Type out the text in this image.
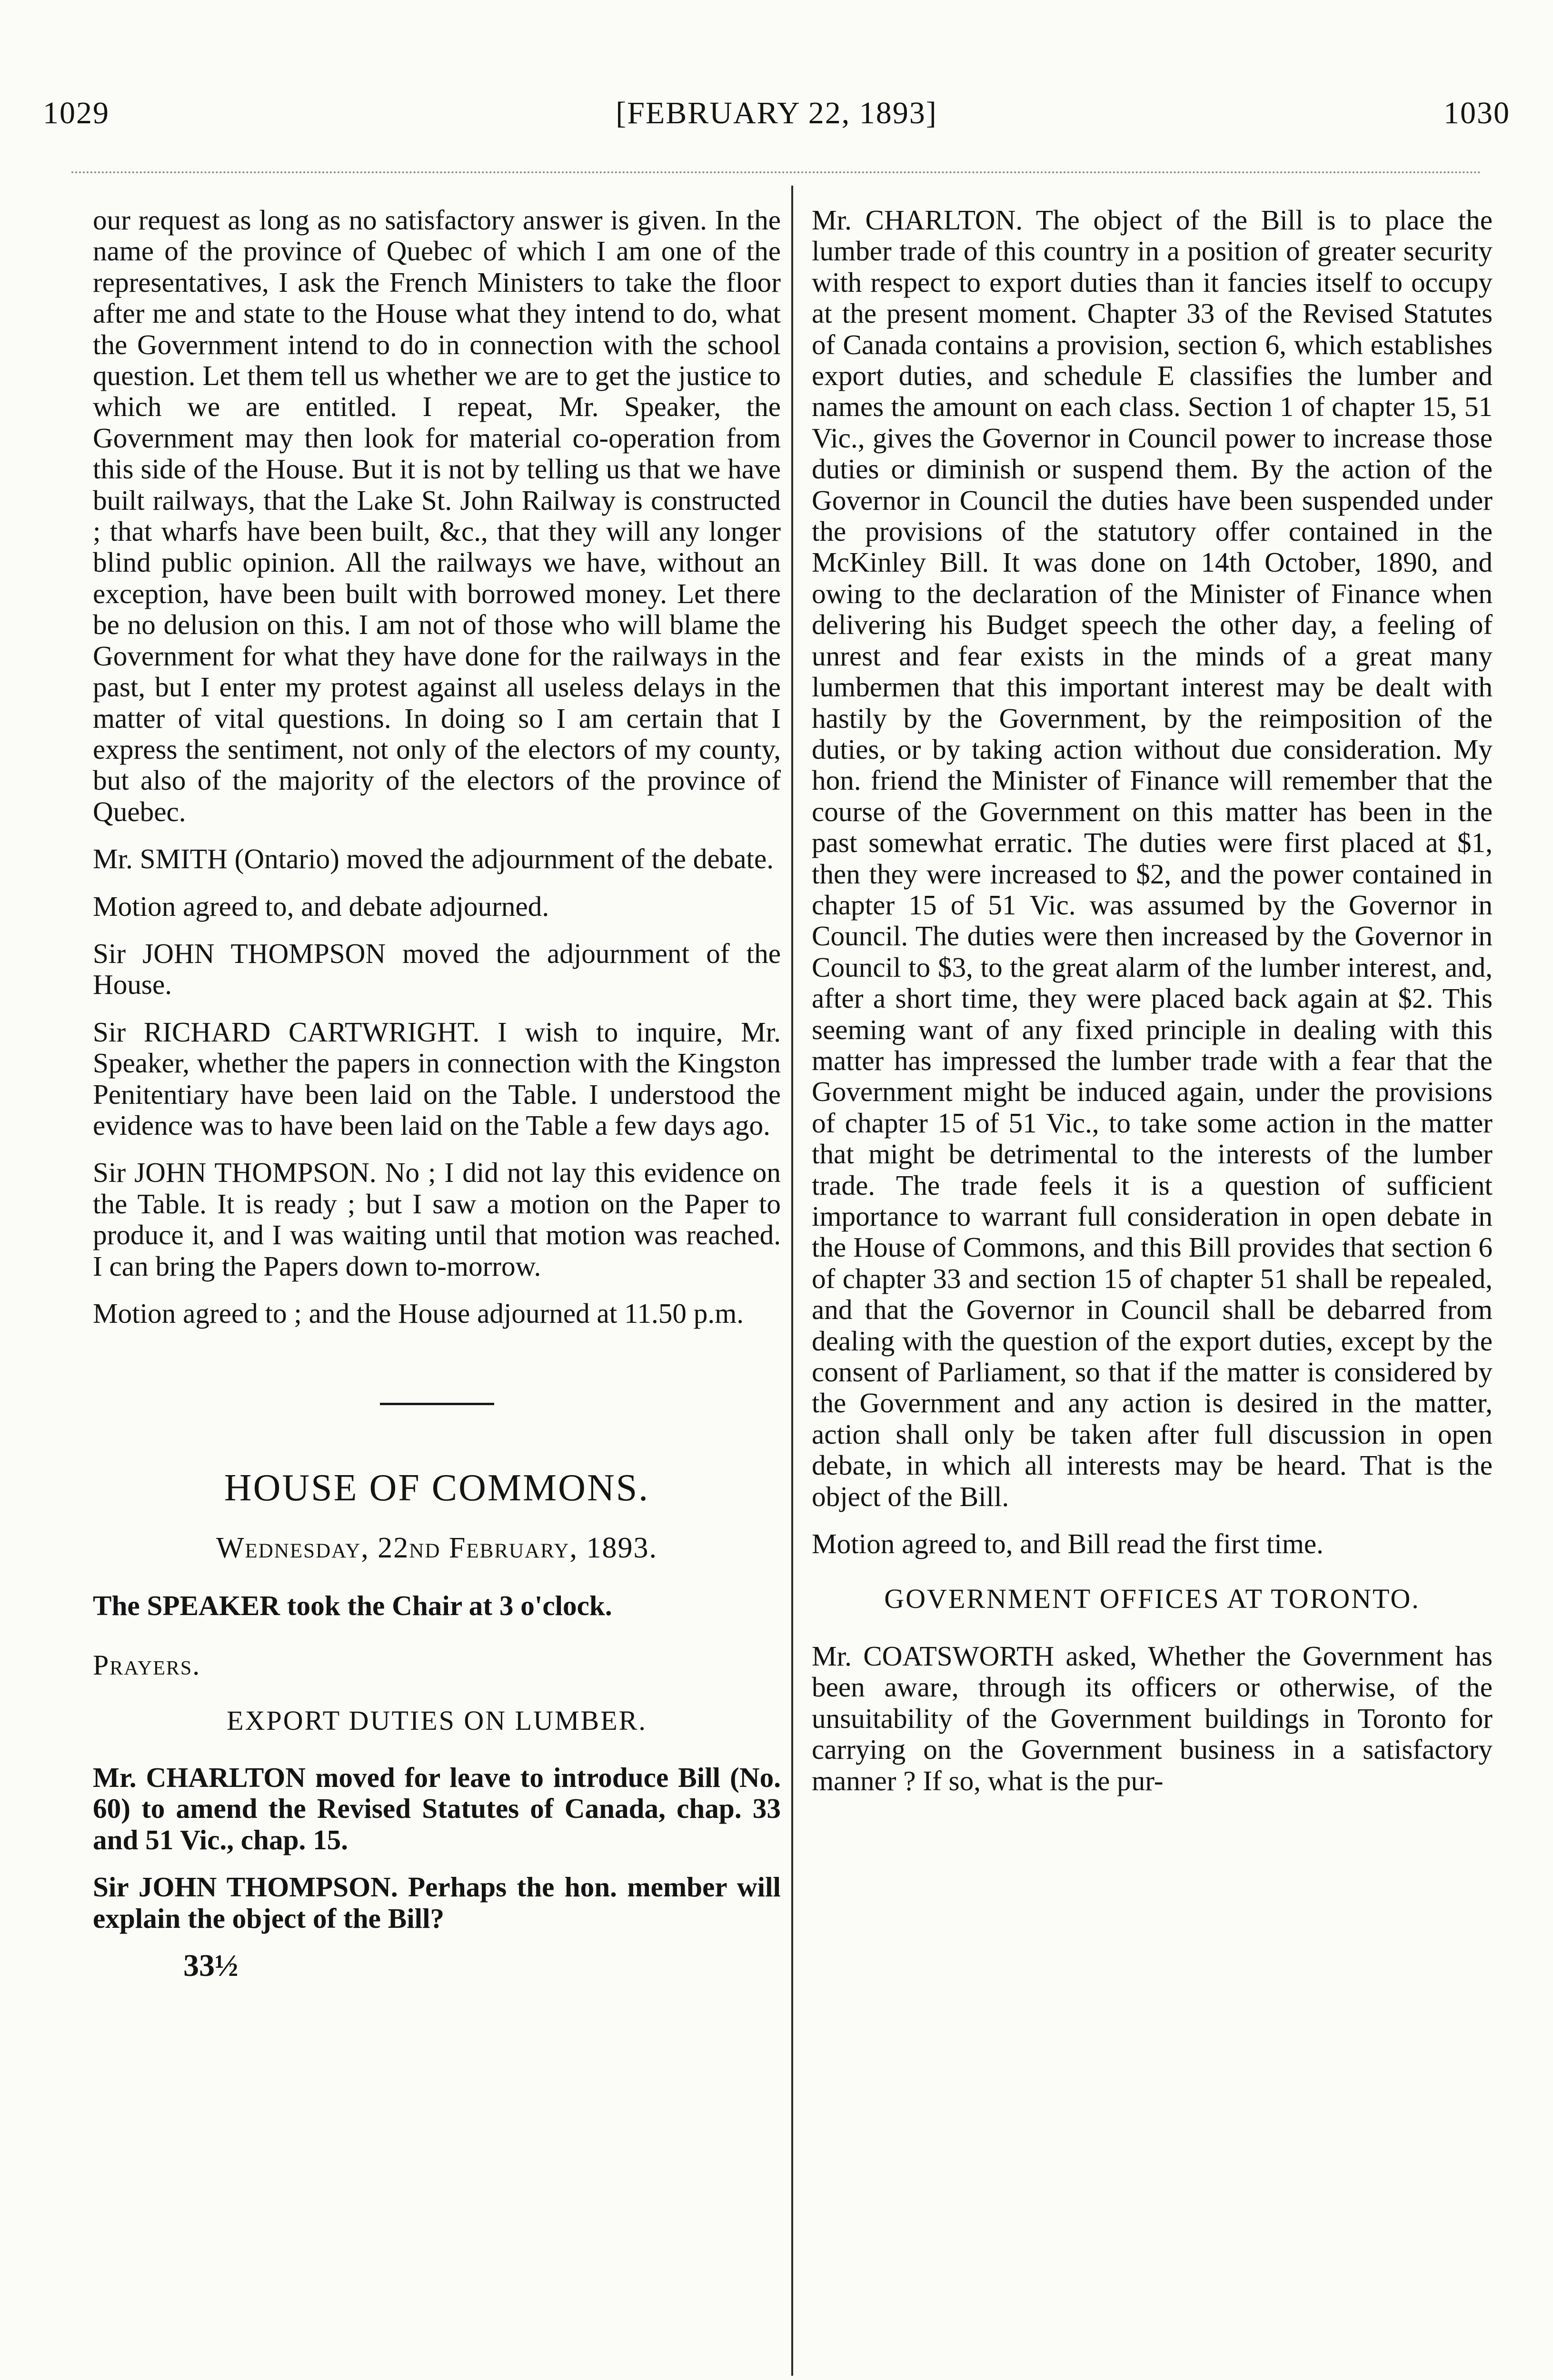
1029	[FEBRUARY 22, 1893]	1030

our request as long as no satisfactory answer is given. In the name of the province of Quebec of which I am one of the representatives, I ask the French Ministers to take the floor after me and state to the House what they intend to do, what the Government intend to do in connection with the school question. Let them tell us whether we are to get the justice to which we are entitled. I repeat, Mr. Speaker, the Government may then look for material co-operation from this side of the House. But it is not by telling us that we have built railways, that the Lake St. John Railway is constructed ; that wharfs have been built, &c., that they will any longer blind public opinion. All the railways we have, without an exception, have been built with borrowed money. Let there be no delusion on this. I am not of those who will blame the Government for what they have done for the railways in the past, but I enter my protest against all useless delays in the matter of vital questions. In doing so I am certain that I express the sentiment, not only of the electors of my county, but also of the majority of the electors of the province of Quebec.

Mr. SMITH (Ontario) moved the adjournment of the debate.

Motion agreed to, and debate adjourned.

Sir JOHN THOMPSON moved the adjournment of the House.

Sir RICHARD CARTWRIGHT. I wish to inquire, Mr. Speaker, whether the papers in connection with the Kingston Penitentiary have been laid on the Table. I understood the evidence was to have been laid on the Table a few days ago.

Sir JOHN THOMPSON. No ; I did not lay this evidence on the Table. It is ready ; but I saw a motion on the Paper to produce it, and I was waiting until that motion was reached. I can bring the Papers down to-morrow.

Motion agreed to ; and the House adjourned at 11.50 p.m.

HOUSE OF COMMONS.
Wednesday, 22nd February, 1893.

The SPEAKER took the Chair at 3 o'clock.

Prayers.
EXPORT DUTIES ON LUMBER.

Mr. CHARLTON moved for leave to introduce Bill (No. 60) to amend the Revised Statutes of Canada, chap. 33 and 51 Vic., chap. 15.

Sir JOHN THOMPSON. Perhaps the hon. member will explain the object of the Bill?

33½

Mr. CHARLTON. The object of the Bill is to place the lumber trade of this country in a position of greater security with respect to export duties than it fancies itself to occupy at the present moment. Chapter 33 of the Revised Statutes of Canada contains a provision, section 6, which establishes export duties, and schedule E classifies the lumber and names the amount on each class. Section 1 of chapter 15, 51 Vic., gives the Governor in Council power to increase those duties or diminish or suspend them. By the action of the Governor in Council the duties have been suspended under the provisions of the statutory offer contained in the McKinley Bill. It was done on 14th October, 1890, and owing to the declaration of the Minister of Finance when delivering his Budget speech the other day, a feeling of unrest and fear exists in the minds of a great many lumbermen that this important interest may be dealt with hastily by the Government, by the reimposition of the duties, or by taking action without due consideration. My hon. friend the Minister of Finance will remember that the course of the Government on this matter has been in the past somewhat erratic. The duties were first placed at $1, then they were increased to $2, and the power contained in chapter 15 of 51 Vic. was assumed by the Governor in Council. The duties were then increased by the Governor in Council to $3, to the great alarm of the lumber interest, and, after a short time, they were placed back again at $2. This seeming want of any fixed principle in dealing with this matter has impressed the lumber trade with a fear that the Government might be induced again, under the provisions of chapter 15 of 51 Vic., to take some action in the matter that might be detrimental to the interests of the lumber trade. The trade feels it is a question of sufficient importance to warrant full consideration in open debate in the House of Commons, and this Bill provides that section 6 of chapter 33 and section 15 of chapter 51 shall be repealed, and that the Governor in Council shall be debarred from dealing with the question of the export duties, except by the consent of Parliament, so that if the matter is considered by the Government and any action is desired in the matter, action shall only be taken after full discussion in open debate, in which all interests may be heard. That is the object of the Bill.

Motion agreed to, and Bill read the first time.

GOVERNMENT OFFICES AT TORONTO.

Mr. COATSWORTH asked, Whether the Government has been aware, through its officers or otherwise, of the unsuitability of the Government buildings in Toronto for carrying on the Government business in a satisfactory manner ? If so, what is the pur-
